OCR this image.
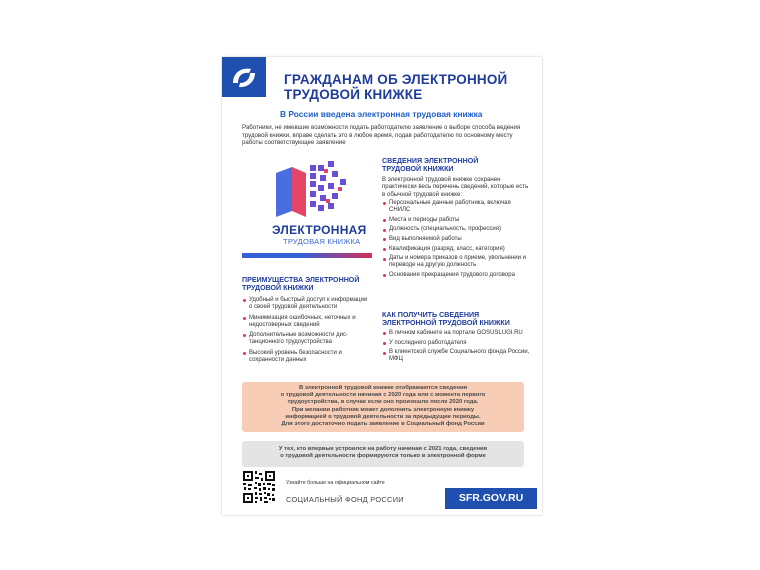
ГРАЖДАНАМ ОБ ЭЛЕКТРОННОЙ
ТРУДОВОЙ КНИЖКЕ
В России введена электронная трудовая книжка
Работники, не имевшие возможности подать работодателю заявление о выборе способа ведения трудовой книжки, вправе сделать это в любое время, подав работодателю по основному месту работы соответствующее заявление
ЭЛЕКТРОННАЯ
ТРУДОВАЯ КНИЖКА
ПРЕИМУЩЕСТВА ЭЛЕКТРОННОЙ
ТРУДОВОЙ КНИЖКИ
Удобный и быстрый доступ к информации о своей трудовой деятельности
Минимизация ошибочных, неточных и недостоверных сведений
Дополнительные возможности дистанционного трудоустройства
Высокий уровень безопасности и сохранности данных
СВЕДЕНИЯ ЭЛЕКТРОННОЙ
ТРУДОВОЙ КНИЖКИ
В электронной трудовой книжке сохранен практически весь перечень сведений, которые есть в обычной трудовой книжке:
Персональные данные работника, включая СНИЛС
Места и периоды работы
Должность (специальность, профессия)
Вид выполняемой работы
Квалификация (разряд, класс, категория)
Даты и номера приказов о приеме, увольнении и переводе на другую должность
Основания прекращения трудового договора
КАК ПОЛУЧИТЬ СВЕДЕНИЯ
ЭЛЕКТРОННОЙ ТРУДОВОЙ КНИЖКИ
В личном кабинете на портале GOSUSLUGI.RU
У последнего работодателя
В клиентской службе Социального фонда России, МФЦ
В электронной трудовой книжке отображаются сведения
о трудовой деятельности начиная с 2020 года или с момента первого
трудоустройства, в случае если оно произошло после 2020 года.
При желании работник может дополнить электронную книжку
информацией о трудовой деятельности за предыдущие периоды.
Для этого достаточно подать заявление в Социальный фонд России
У тех, кто впервые устроился на работу начиная с 2021 года, сведения
о трудовой деятельности формируются только в электронной форме
Узнайте больше на официальном сайте
СОЦИАЛЬНЫЙ ФОНД РОССИИ	SFR.GOV.RU
